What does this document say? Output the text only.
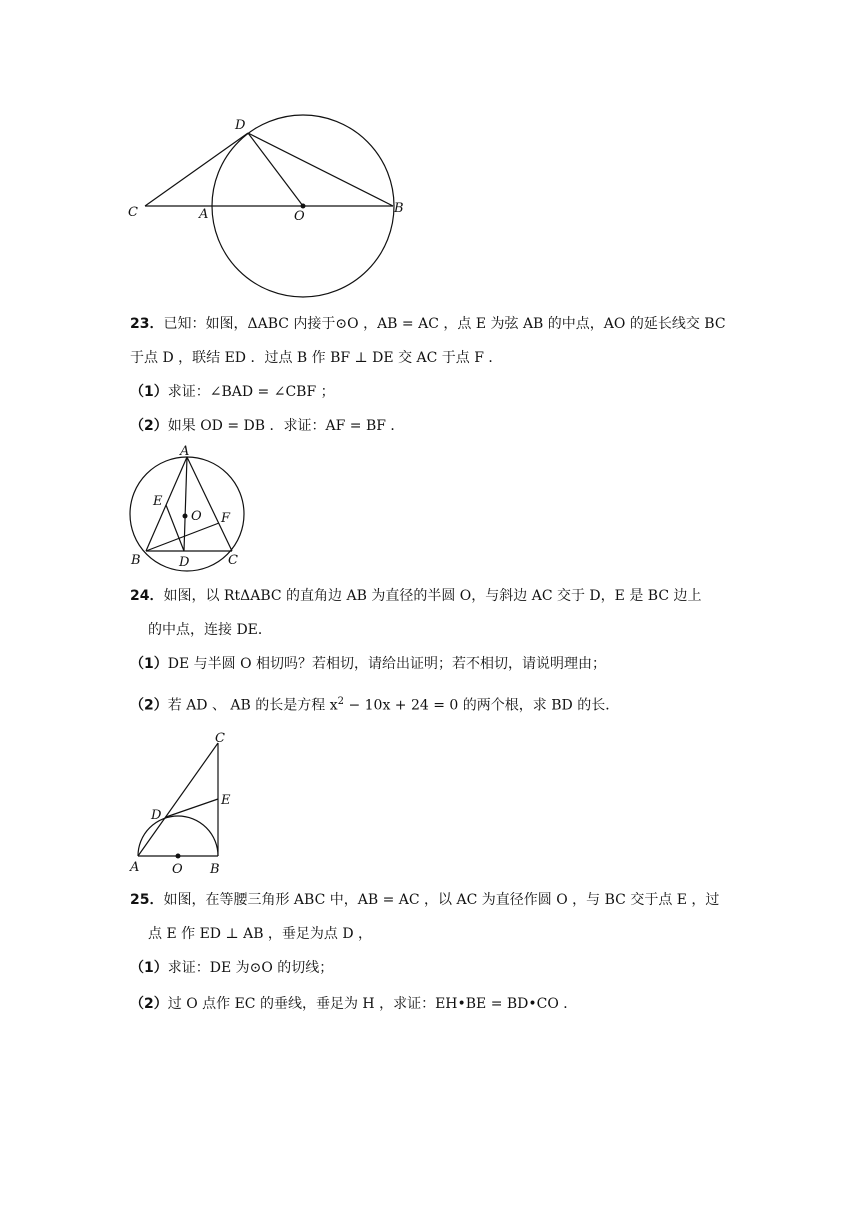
D
C	A	O
B
23．已知：如图，ΔABC 内接于⊙O ，AB = AC ，点 E 为弦 AB 的中点，AO 的延长线交 BC
于点 D ，联结 ED ．过点 B 作 BF ⊥ DE 交 AC 于点 F ．
（1）求证：∠BAD = ∠CBF ；
（2）如果 OD = DB ．求证：AF = BF ．
A
E
O F
B	D	C
24．如图，以 RtΔABC 的直角边 AB 为直径的半圆 O，与斜边 AC 交于 D，E 是 BC 边上
的中点，连接 DE．
（1）DE 与半圆 O 相切吗？若相切，请给出证明；若不相切，请说明理由；
（2）若 AD 、 AB 的长是方程 $x^2 - 10x + 24 = 0$ 的两个根，求 BD 的长．
C
E
D
A	O B
25．如图，在等腰三角形 ABC 中，AB = AC ，以 AC 为直径作圆 O ，与 BC 交于点 E ，过
点 E 作 ED ⊥ AB ，垂足为点 D ，
（1）求证：DE 为⊙O 的切线；
（2）过 O 点作 EC 的垂线，垂足为 H ，求证：EH•BE = BD•CO ．
